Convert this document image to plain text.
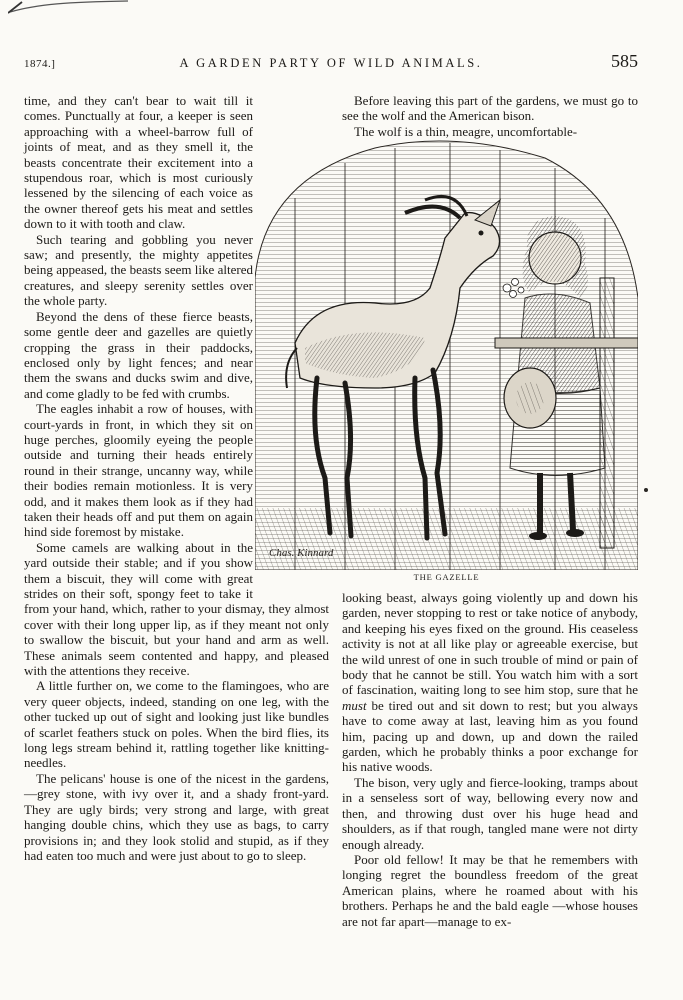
1874.]	A GARDEN PARTY OF WILD ANIMALS.	585

time, and they can't bear to wait till it comes. Punctually at four, a keeper is seen approaching with a wheel-barrow full of joints of meat, and as they smell it, the beasts concentrate their excitement into a stupendous roar, which is most curiously lessened by the silencing of each voice as the owner thereof gets his meat and settles down to it with tooth and claw.

Such tearing and gobbling you never saw; and presently, the mighty appetites being appeased, the beasts seem like altered creatures, and sleepy serenity settles over the whole party.

Beyond the dens of these fierce beasts, some gentle deer and gazelles are quietly cropping the grass in their paddocks, enclosed only by light fences; and near them the swans and ducks swim and dive, and come gladly to be fed with crumbs.

The eagles inhabit a row of houses, with court-yards in front, in which they sit on huge perches, gloomily eyeing the people outside and turning their heads entirely round in their strange, uncanny way, while their bodies remain motionless. It is very odd, and it makes them look as if they had taken their heads off and put them on again hind side foremost by mistake.

Some camels are walking about in the yard outside their stable; and if you show them a biscuit, they will come with great strides on their soft, spongy feet to take it from your hand, which, rather to your dismay, they almost cover with their long upper lip, as if they meant not only to swallow the biscuit, but your hand and arm as well. These animals seem contented and happy, and pleased with the attentions they receive.

A little further on, we come to the flamingoes, who are very queer objects, indeed, standing on one leg, with the other tucked up out of sight and looking just like bundles of scarlet feathers stuck on poles. When the bird flies, its long legs stream behind it, rattling together like knitting-needles.

The pelicans' house is one of the nicest in the gardens,—grey stone, with ivy over it, and a shady front-yard. They are ugly birds; very strong and large, with great hanging double chins, which they use as bags, to carry provisions in; and they look stolid and stupid, as if they had eaten too much and were just about to go to sleep.

Before leaving this part of the gardens, we must go to see the wolf and the American bison.

The wolf is a thin, meagre, uncomfortable-

Chas. Kinnard
THE GAZELLE

looking beast, always going violently up and down his garden, never stopping to rest or take notice of anybody, and keeping his eyes fixed on the ground. His ceaseless activity is not at all like play or agreeable exercise, but the wild unrest of one in such trouble of mind or pain of body that he cannot be still. You watch him with a sort of fascination, waiting long to see him stop, sure that he must be tired out and sit down to rest; but you always have to come away at last, leaving him as you found him, pacing up and down, up and down the railed garden, which he probably thinks a poor exchange for his native woods.

The bison, very ugly and fierce-looking, tramps about in a senseless sort of way, bellowing every now and then, and throwing dust over his huge head and shoulders, as if that rough, tangled mane were not dirty enough already.

Poor old fellow! It may be that he remembers with longing regret the boundless freedom of the great American plains, where he roamed about with his brothers. Perhaps he and the bald eagle —whose houses are not far apart—manage to ex-
